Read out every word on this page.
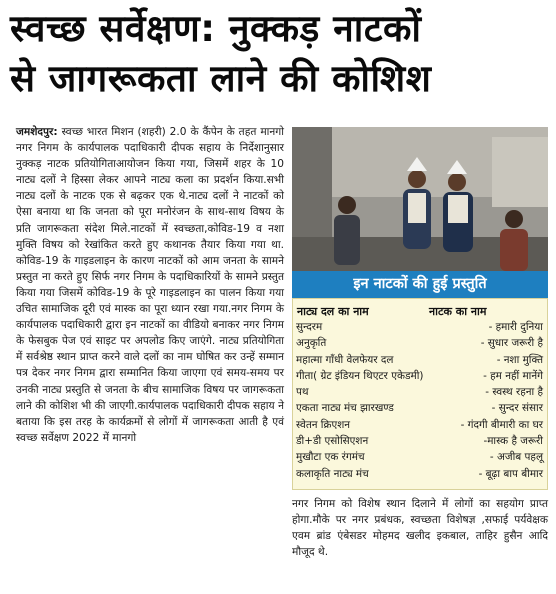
स्वच्छ सर्वेक्षण: नुक्कड़ नाटकों
से जागरूकता लाने की कोशिश
जमशेदपुर: स्वच्छ भारत मिशन (शहरी) 2.0 के कैंपेन के तहत मानगो नगर निगम के कार्यपालक पदाधिकारी दीपक सहाय के निर्देशानुसार नुक्कड़ नाटक प्रतियोगिताआयोजन किया गया, जिसमें शहर के 10 नाट्य दलों ने हिस्सा लेकर आपने नाट्य कला का प्रदर्शन किया.सभी नाट्य दलों के नाटक एक से बढ़कर एक थे.नाट्य दलों ने नाटकों को ऐसा बनाया था कि जनता को पूरा मनोरंजन के साथ-साथ विषय के प्रति जागरूकता संदेश मिले.नाटकों में स्वच्छता,कोविड-19 व नशा मुक्ति विषय को रेखांकित करते हुए कथानक तैयार किया गया था. कोविड-19 के गाइडलाइन के कारण नाटकों को आम जनता के सामने प्रस्तुत ना करते हुए सिर्फ नगर निगम के पदाधिकारियों के सामने प्रस्तुत किया गया जिसमें कोविड-19 के पूरे गाइडलाइन का पालन किया गया उचित सामाजिक दूरी एवं मास्क का पूरा ध्यान रखा गया.नगर निगम के कार्यपालक पदाधिकारी द्वारा इन नाटकों का वीडियो बनाकर नगर निगम के फेसबुक पेज एवं साइट पर अपलोड किए जाएंगे. नाट्य प्रतियोगिता में सर्वश्रेष्ठ स्थान प्राप्त करने वाले दलों का नाम घोषित कर उन्हें सम्मान पत्र देकर नगर निगम द्वारा सम्मानित किया जाएगा एवं समय-समय पर उनकी नाट्य प्रस्तुति से जनता के बीच सामाजिक विषय पर जागरूकता लाने की कोशिश भी की जाएगी.कार्यपालक पदाधिकारी दीपक सहाय ने बताया कि इस तरह के कार्यक्रमों से लोगों में जागरूकता आती है एवं स्वच्छ सर्वेक्षण 2022 में मानगो
इन नाटकों की हुई प्रस्तुति
नाट्य दल का नाम	नाटक का नाम
सुन्दरम	- हमारी दुनिया
अनुकृति	- सुधार जरूरी है
महात्मा गाँधी वेलफेयर दल	- नशा मुक्ति
गीता( ग्रेट इंडियन थिएटर एकेडमी)	- हम नहीं मानेंगे
पथ	- स्वस्थ रहना है
एकता नाट्य मंच झारखण्ड	- सुन्दर संसार
स्वेतन क्रिएशन	- गंदगी बीमारी का घर
डी+डी एसोसिएशन	-मास्क है जरूरी
मुखौटा एक रंगमंच	- अजीब पहलू
कलाकृति नाट्य मंच	- बूढ़ा बाप बीमार
नगर निगम को विशेष स्थान दिलाने में लोगों का सहयोग प्राप्त होगा.मौके पर नगर प्रबंधक, स्वच्छता विशेषज्ञ ,सफाई पर्यवेक्षक एवम ब्रांड एंबेसडर मोहमद खलीद इकबाल, ताहिर हुसैन आदि मौजूद थे.
